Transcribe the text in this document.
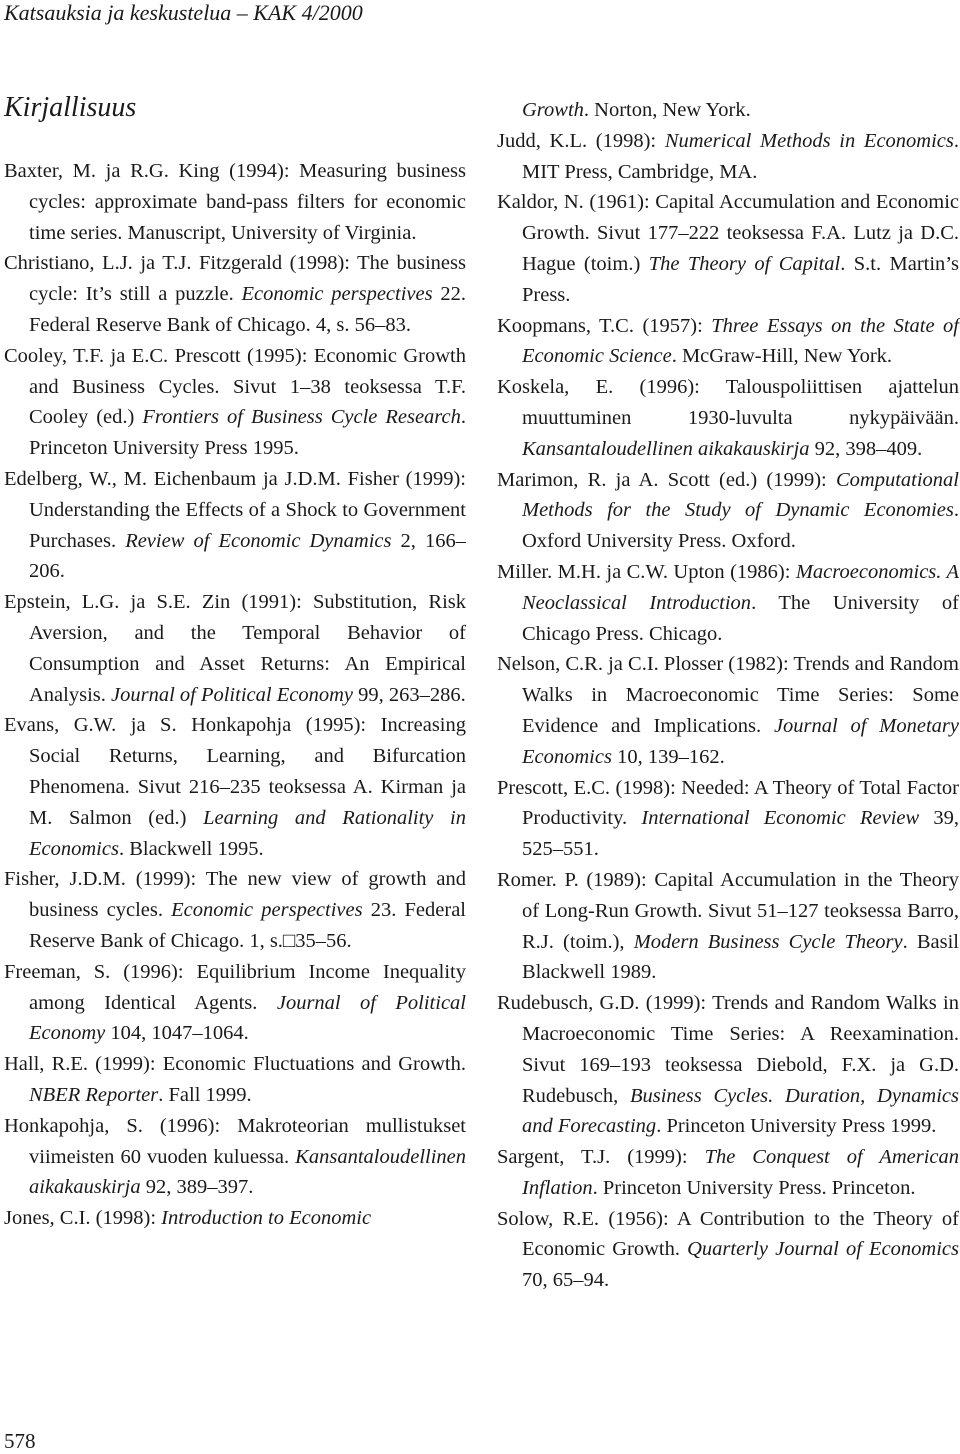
Katsauksia ja keskustelua – KAK 4/2000
Kirjallisuus

Baxter, M. ja R.G. King (1994): Measuring business cycles: approximate band-pass filters for economic time series. Manuscript, University of Virginia.

Christiano, L.J. ja T.J. Fitzgerald (1998): The business cycle: It’s still a puzzle. Economic perspectives 22. Federal Reserve Bank of Chicago. 4, s. 56–83.

Cooley, T.F. ja E.C. Prescott (1995): Economic Growth and Business Cycles. Sivut 1–38 teoksessa T.F. Cooley (ed.) Frontiers of Business Cycle Research. Princeton University Press 1995.

Edelberg, W., M. Eichenbaum ja J.D.M. Fisher (1999): Understanding the Effects of a Shock to Government Purchases. Review of Economic Dynamics 2, 166–206.

Epstein, L.G. ja S.E. Zin (1991): Substitution, Risk Aversion, and the Temporal Behavior of Consumption and Asset Returns: An Empirical Analysis. Journal of Political Economy 99, 263–286.

Evans, G.W. ja S. Honkapohja (1995): Increasing Social Returns, Learning, and Bifurcation Phenomena. Sivut 216–235 teoksessa A. Kirman ja M. Salmon (ed.) Learning and Rationality in Economics. Blackwell 1995.

Fisher, J.D.M. (1999): The new view of growth and business cycles. Economic perspectives 23. Federal Reserve Bank of Chicago. 1, s.□35–56.

Freeman, S. (1996): Equilibrium Income Inequality among Identical Agents. Journal of Political Economy 104, 1047–1064.

Hall, R.E. (1999): Economic Fluctuations and Growth. NBER Reporter. Fall 1999.

Honkapohja, S. (1996): Makroteorian mullistukset viimeisten 60 vuoden kuluessa. Kansantaloudellinen aikakauskirja 92, 389–397.

Jones, C.I. (1998): Introduction to Economic

Growth. Norton, New York.

Judd, K.L. (1998): Numerical Methods in Economics. MIT Press, Cambridge, MA.

Kaldor, N. (1961): Capital Accumulation and Economic Growth. Sivut 177–222 teoksessa F.A. Lutz ja D.C. Hague (toim.) The Theory of Capital. S.t. Martin’s Press.

Koopmans, T.C. (1957): Three Essays on the State of Economic Science. McGraw-Hill, New York.

Koskela, E. (1996): Talouspoliittisen ajattelun muuttuminen 1930-luvulta nykypäivään. Kansantaloudellinen aikakauskirja 92, 398–409.

Marimon, R. ja A. Scott (ed.) (1999): Computational Methods for the Study of Dynamic Economies. Oxford University Press. Oxford.

Miller. M.H. ja C.W. Upton (1986): Macroeconomics. A Neoclassical Introduction. The University of Chicago Press. Chicago.

Nelson, C.R. ja C.I. Plosser (1982): Trends and Random Walks in Macroeconomic Time Series: Some Evidence and Implications. Journal of Monetary Economics 10, 139–162.

Prescott, E.C. (1998): Needed: A Theory of Total Factor Productivity. International Economic Review 39, 525–551.

Romer. P. (1989): Capital Accumulation in the Theory of Long-Run Growth. Sivut 51–127 teoksessa Barro, R.J. (toim.), Modern Business Cycle Theory. Basil Blackwell 1989.

Rudebusch, G.D. (1999): Trends and Random Walks in Macroeconomic Time Series: A Reexamination. Sivut 169–193 teoksessa Diebold, F.X. ja G.D. Rudebusch, Business Cycles. Duration, Dynamics and Forecasting. Princeton University Press 1999.

Sargent, T.J. (1999): The Conquest of American Inflation. Princeton University Press. Princeton.

Solow, R.E. (1956): A Contribution to the Theory of Economic Growth. Quarterly Journal of Economics 70, 65–94.

578
